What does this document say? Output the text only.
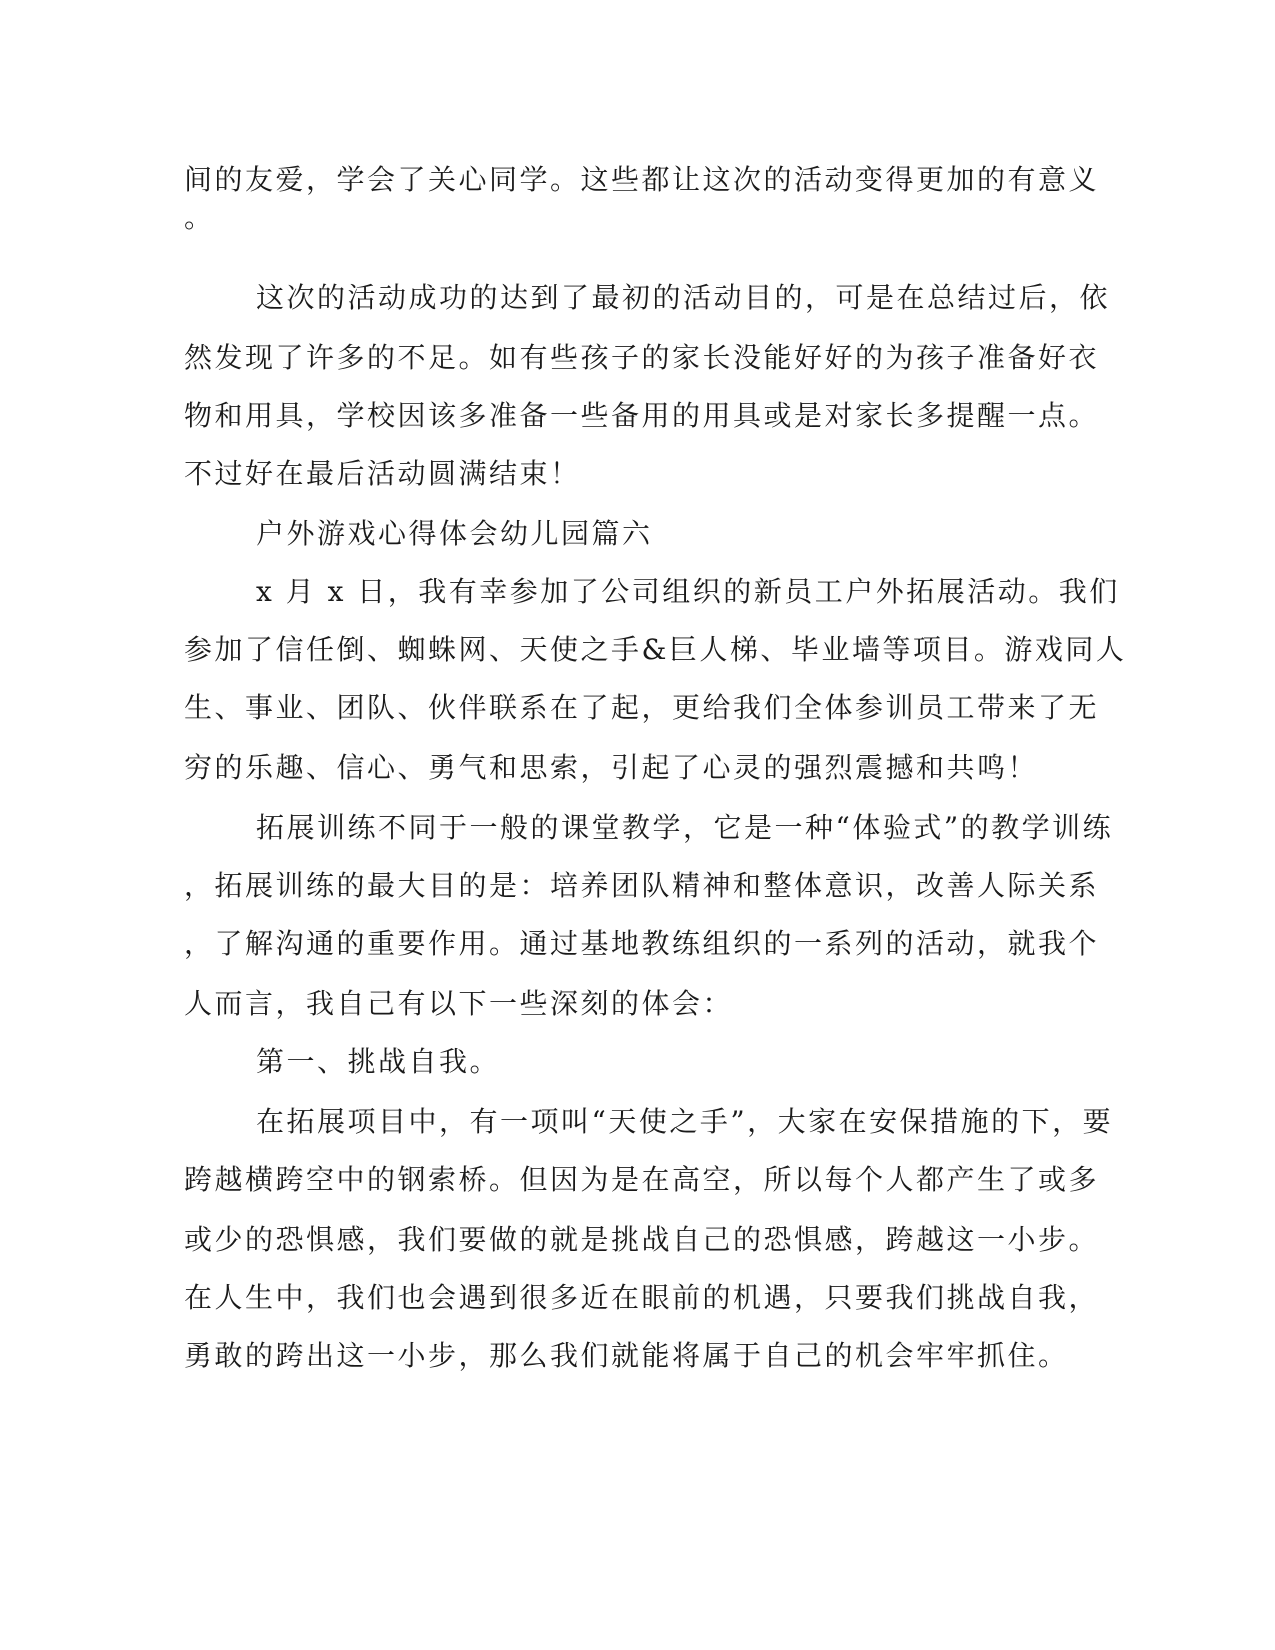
间的友爱，学会了关心同学。这些都让这次的活动变得更加的有意义
。
这次的活动成功的达到了最初的活动目的，可是在总结过后，依
然发现了许多的不足。如有些孩子的家长没能好好的为孩子准备好衣
物和用具，学校因该多准备一些备用的用具或是对家长多提醒一点。
不过好在最后活动圆满结束！
户外游戏心得体会幼儿园篇六
x 月 x 日，我有幸参加了公司组织的新员工户外拓展活动。我们
参加了信任倒、蜘蛛网、天使之手&巨人梯、毕业墙等项目。游戏同人
生、事业、团队、伙伴联系在了起，更给我们全体参训员工带来了无
穷的乐趣、信心、勇气和思索，引起了心灵的强烈震撼和共鸣！
拓展训练不同于一般的课堂教学，它是一种“体验式”的教学训练
，拓展训练的最大目的是：培养团队精神和整体意识，改善人际关系
，了解沟通的重要作用。通过基地教练组织的一系列的活动，就我个
人而言，我自己有以下一些深刻的体会：
第一、挑战自我。
在拓展项目中，有一项叫“天使之手”，大家在安保措施的下，要
跨越横跨空中的钢索桥。但因为是在高空，所以每个人都产生了或多
或少的恐惧感，我们要做的就是挑战自己的恐惧感，跨越这一小步。
在人生中，我们也会遇到很多近在眼前的机遇，只要我们挑战自我，
勇敢的跨出这一小步，那么我们就能将属于自己的机会牢牢抓住。
